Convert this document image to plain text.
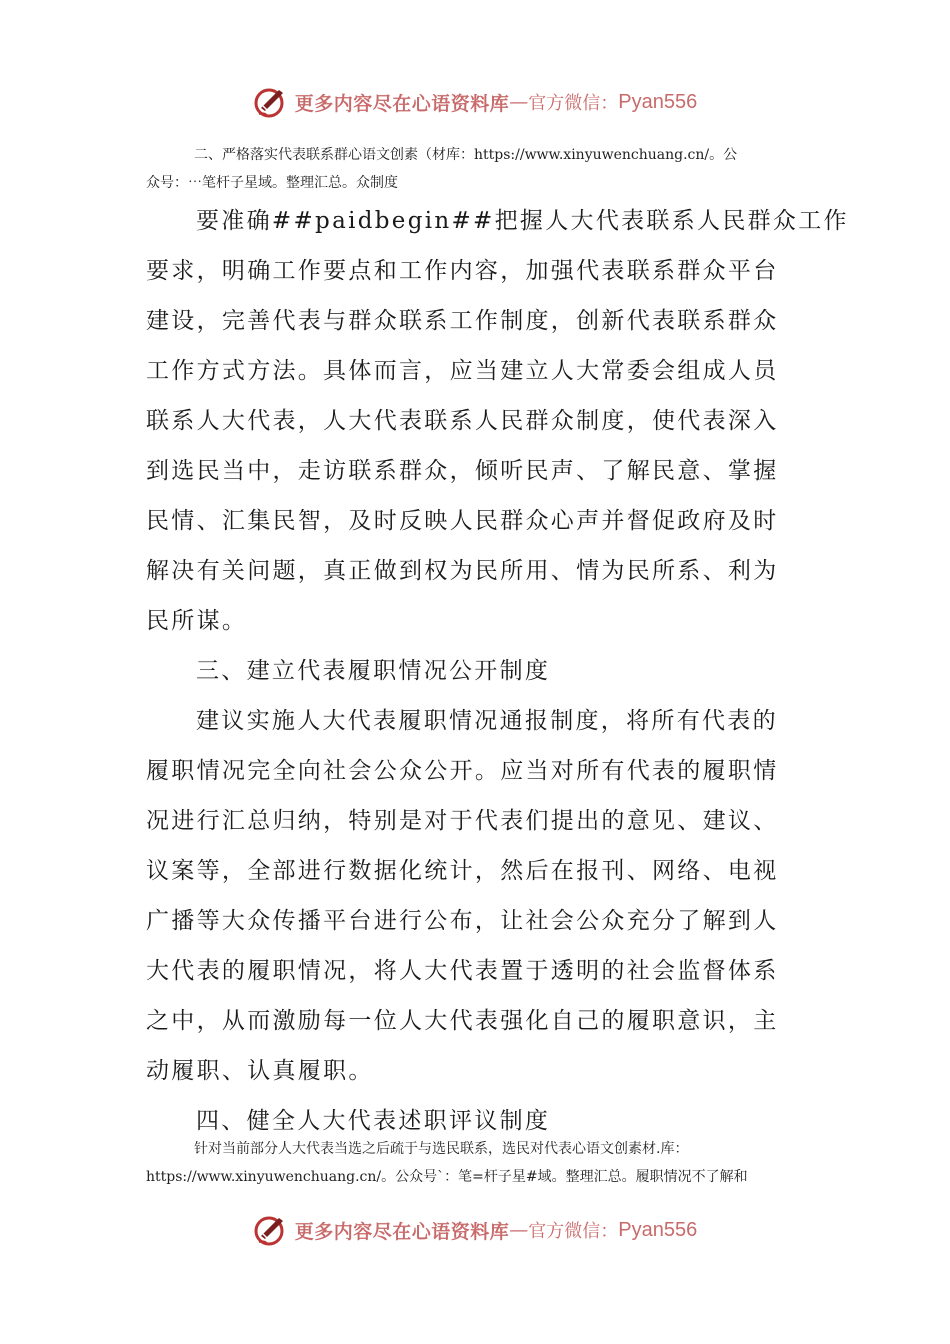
更多内容尽在心语资料库 — 官方微信： Pyan556
二、严格落实代表联系群心语文创素（材库：https://www.xinyuwenchuang.cn/。公
众号：⋯笔杆子星域。整理汇总。众制度

要准确##paidbegin##把握人大代表联系人民群众工作
要求，明确工作要点和工作内容，加强代表联系群众平台
建设，完善代表与群众联系工作制度，创新代表联系群众
工作方式方法。具体而言，应当建立人大常委会组成人员
联系人大代表，人大代表联系人民群众制度，使代表深入
到选民当中，走访联系群众，倾听民声、了解民意、掌握
民情、汇集民智，及时反映人民群众心声并督促政府及时
解决有关问题，真正做到权为民所用、情为民所系、利为
民所谋。

三、建立代表履职情况公开制度

建议实施人大代表履职情况通报制度，将所有代表的
履职情况完全向社会公众公开。应当对所有代表的履职情
况进行汇总归纳，特别是对于代表们提出的意见、建议、
议案等，全部进行数据化统计，然后在报刊、网络、电视
广播等大众传播平台进行公布，让社会公众充分了解到人
大代表的履职情况，将人大代表置于透明的社会监督体系
之中，从而激励每一位人大代表强化自己的履职意识，主
动履职、认真履职。

四、健全人大代表述职评议制度

针对当前部分人大代表当选之后疏于与选民联系，选民对代表心语文创素材.库：
https://www.xinyuwenchuang.cn/。公众号`：笔=杆子星#域。整理汇总。履职情况不了解和
更多内容尽在心语资料库 — 官方微信： Pyan556
